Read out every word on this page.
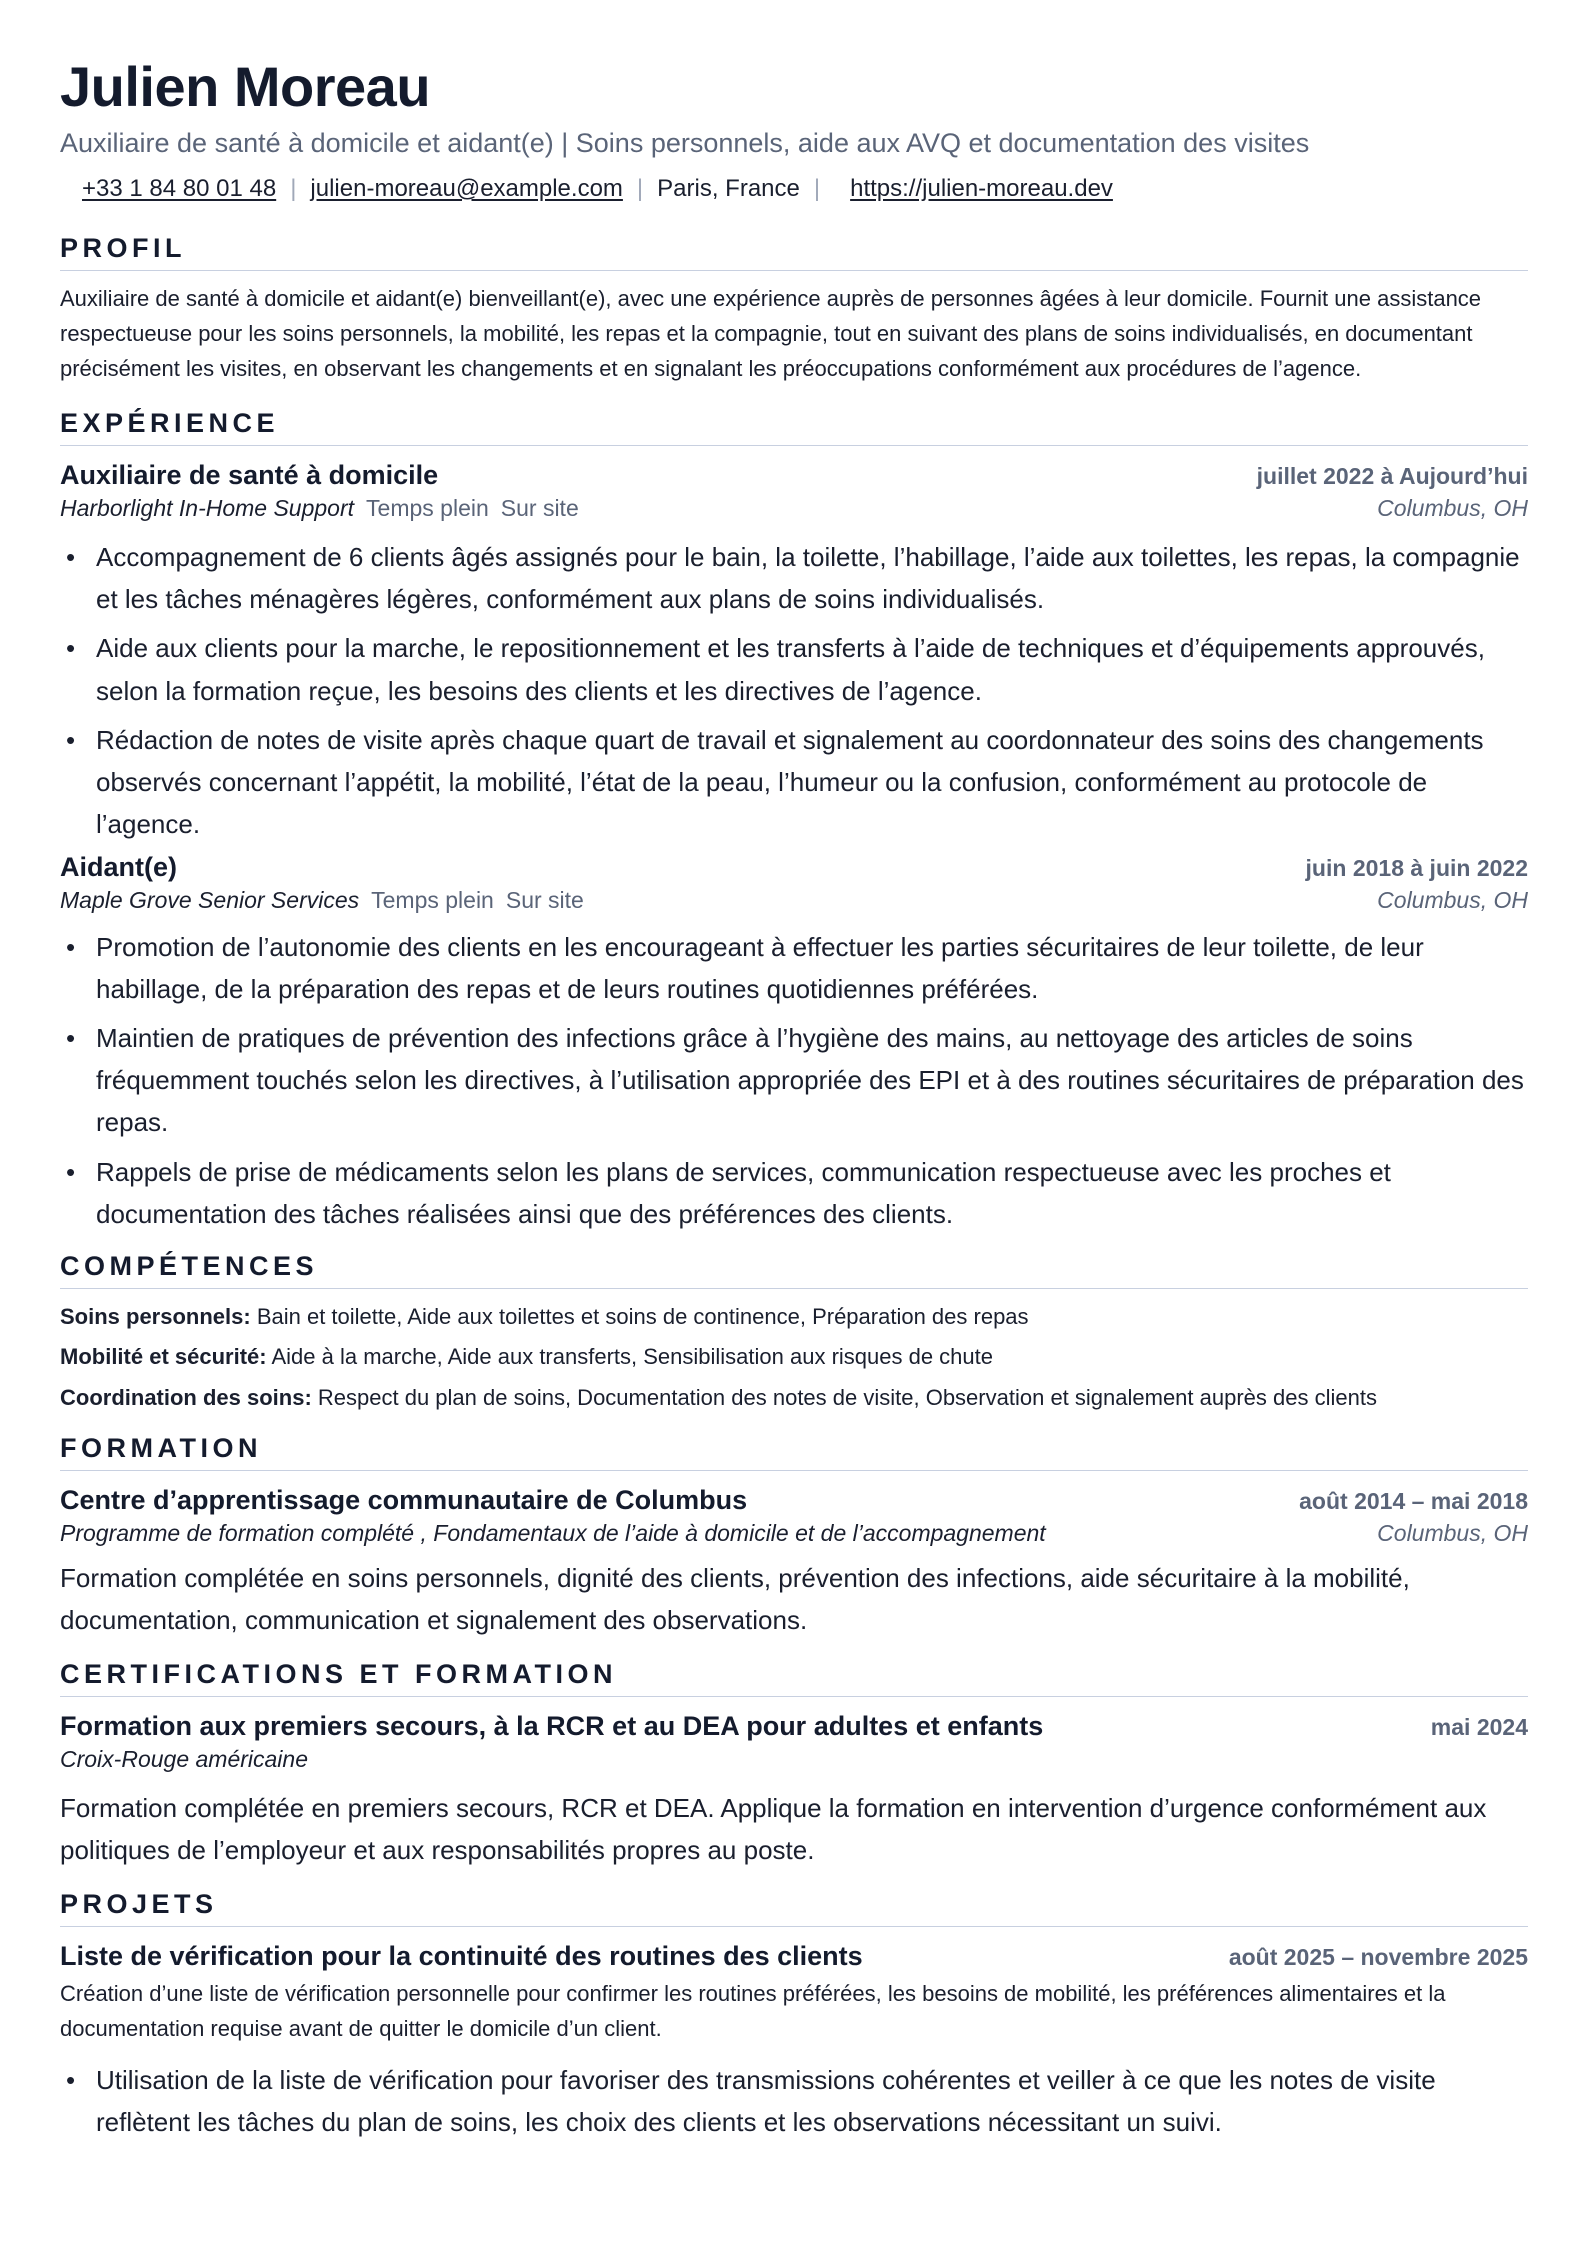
Julien Moreau
Auxiliaire de santé à domicile et aidant(e) | Soins personnels, aide aux AVQ et documentation des visites
+33 1 84 80 01 48 | julien-moreau@example.com | Paris, France | https://julien-moreau.dev
PROFIL

Auxiliaire de santé à domicile et aidant(e) bienveillant(e), avec une expérience auprès de personnes âgées à leur domicile. Fournit une assistance respectueuse pour les soins personnels, la mobilité, les repas et la compagnie, tout en suivant des plans de soins individualisés, en documentant précisément les visites, en observant les changements et en signalant les préoccupations conformément aux procédures de l’agence.

EXPÉRIENCE
Auxiliaire de santé à domicile	juillet 2022 à Aujourd’hui
Harborlight In-Home Support Temps plein Sur site	Columbus, OH
• Accompagnement de 6 clients âgés assignés pour le bain, la toilette, l’habillage, l’aide aux toilettes, les repas, la compagnie et les tâches ménagères légères, conformément aux plans de soins individualisés.
• Aide aux clients pour la marche, le repositionnement et les transferts à l’aide de techniques et d’équipements approuvés, selon la formation reçue, les besoins des clients et les directives de l’agence.
• Rédaction de notes de visite après chaque quart de travail et signalement au coordonnateur des soins des changements observés concernant l’appétit, la mobilité, l’état de la peau, l’humeur ou la confusion, conformément au protocole de l’agence.
Aidant(e)	juin 2018 à juin 2022
Maple Grove Senior Services Temps plein Sur site	Columbus, OH
• Promotion de l’autonomie des clients en les encourageant à effectuer les parties sécuritaires de leur toilette, de leur habillage, de la préparation des repas et de leurs routines quotidiennes préférées.
• Maintien de pratiques de prévention des infections grâce à l’hygiène des mains, au nettoyage des articles de soins fréquemment touchés selon les directives, à l’utilisation appropriée des EPI et à des routines sécuritaires de préparation des repas.
• Rappels de prise de médicaments selon les plans de services, communication respectueuse avec les proches et documentation des tâches réalisées ainsi que des préférences des clients.
COMPÉTENCES
Soins personnels: Bain et toilette, Aide aux toilettes et soins de continence, Préparation des repas
Mobilité et sécurité: Aide à la marche, Aide aux transferts, Sensibilisation aux risques de chute
Coordination des soins: Respect du plan de soins, Documentation des notes de visite, Observation et signalement auprès des clients
FORMATION
Centre d’apprentissage communautaire de Columbus	août 2014 – mai 2018
Programme de formation complété , Fondamentaux de l’aide à domicile et de l’accompagnement	Columbus, OH

Formation complétée en soins personnels, dignité des clients, prévention des infections, aide sécuritaire à la mobilité, documentation, communication et signalement des observations.

CERTIFICATIONS ET FORMATION
Formation aux premiers secours, à la RCR et au DEA pour adultes et enfants	mai 2024
Croix-Rouge américaine

Formation complétée en premiers secours, RCR et DEA. Applique la formation en intervention d’urgence conformément aux politiques de l’employeur et aux responsabilités propres au poste.

PROJETS
Liste de vérification pour la continuité des routines des clients	août 2025 – novembre 2025

Création d’une liste de vérification personnelle pour confirmer les routines préférées, les besoins de mobilité, les préférences alimentaires et la documentation requise avant de quitter le domicile d’un client.

• Utilisation de la liste de vérification pour favoriser des transmissions cohérentes et veiller à ce que les notes de visite reflètent les tâches du plan de soins, les choix des clients et les observations nécessitant un suivi.
